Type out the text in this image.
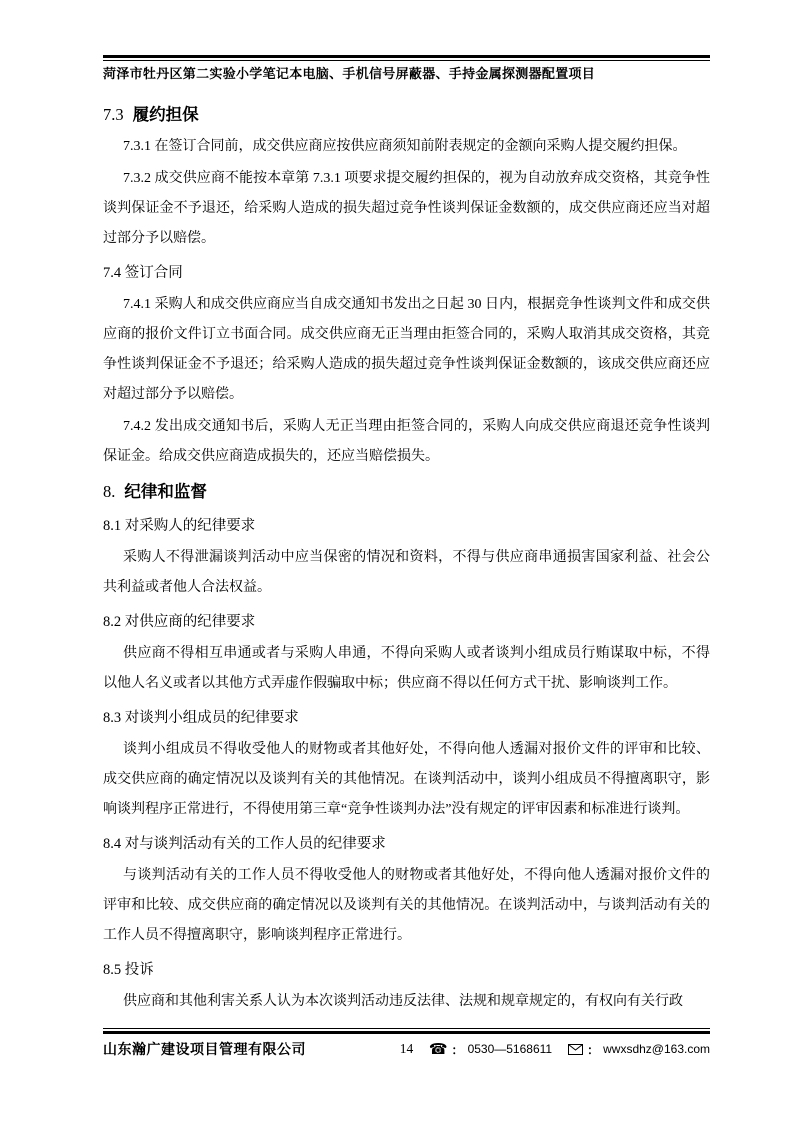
菏泽市牡丹区第二实验小学笔记本电脑、手机信号屏蔽器、手持金属探测器配置项目
7.3 履约担保

7.3.1 在签订合同前，成交供应商应按供应商须知前附表规定的金额向采购人提交履约担保。

7.3.2 成交供应商不能按本章第 7.3.1 项要求提交履约担保的，视为自动放弃成交资格，其竞争性谈判保证金不予退还，给采购人造成的损失超过竞争性谈判保证金数额的，成交供应商还应当对超过部分予以赔偿。

7.4 签订合同

7.4.1 采购人和成交供应商应当自成交通知书发出之日起 30 日内，根据竞争性谈判文件和成交供应商的报价文件订立书面合同。成交供应商无正当理由拒签合同的，采购人取消其成交资格，其竞争性谈判保证金不予退还；给采购人造成的损失超过竞争性谈判保证金数额的，该成交供应商还应对超过部分予以赔偿。

7.4.2 发出成交通知书后，采购人无正当理由拒签合同的，采购人向成交供应商退还竞争性谈判保证金。给成交供应商造成损失的，还应当赔偿损失。

8. 纪律和监督
8.1 对采购人的纪律要求

采购人不得泄漏谈判活动中应当保密的情况和资料，不得与供应商串通损害国家利益、社会公共利益或者他人合法权益。

8.2 对供应商的纪律要求

供应商不得相互串通或者与采购人串通，不得向采购人或者谈判小组成员行贿谋取中标，不得以他人名义或者以其他方式弄虚作假骗取中标；供应商不得以任何方式干扰、影响谈判工作。

8.3 对谈判小组成员的纪律要求

谈判小组成员不得收受他人的财物或者其他好处，不得向他人透漏对报价文件的评审和比较、成交供应商的确定情况以及谈判有关的其他情况。在谈判活动中，谈判小组成员不得擅离职守，影响谈判程序正常进行，不得使用第三章“竞争性谈判办法”没有规定的评审因素和标准进行谈判。

8.4 对与谈判活动有关的工作人员的纪律要求

与谈判活动有关的工作人员不得收受他人的财物或者其他好处，不得向他人透漏对报价文件的评审和比较、成交供应商的确定情况以及谈判有关的其他情况。在谈判活动中，与谈判活动有关的工作人员不得擅离职守，影响谈判程序正常进行。

8.5 投诉

供应商和其他利害关系人认为本次谈判活动违反法律、法规和规章规定的，有权向有关行政

山东瀚广建设项目管理有限公司	14	☎ ： 0530—5168611	： wwxsdhz@163.com
